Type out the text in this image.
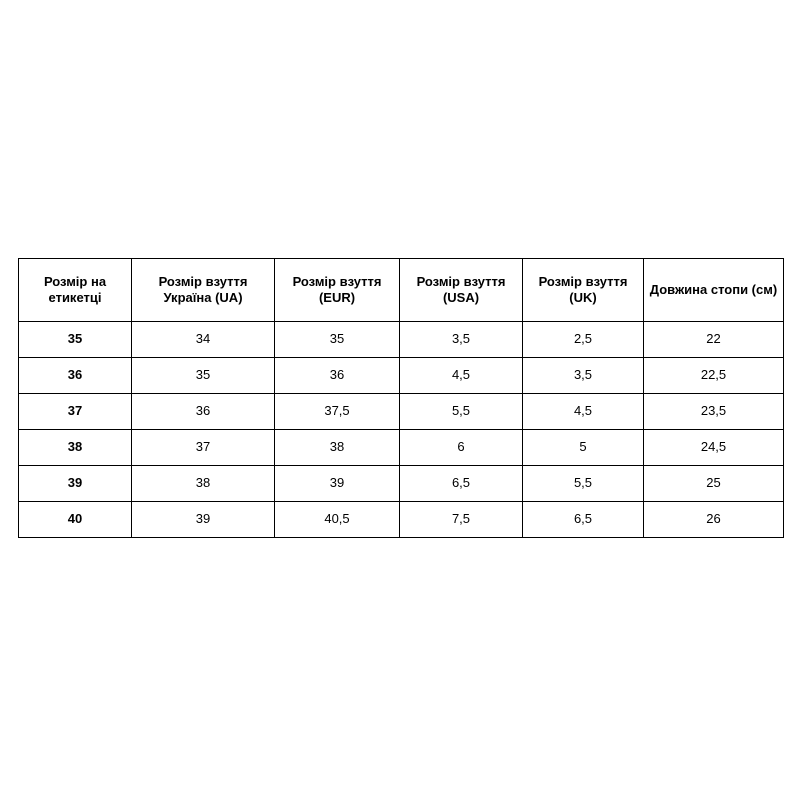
Розмір на етикетці	Розмір взуття Україна (UA)	Розмір взуття (EUR)	Розмір взуття (USA)	Розмір взуття (UK)	Довжина стопи (см)
35	34	35	3,5	2,5	22
36	35	36	4,5	3,5	22,5
37	36	37,5	5,5	4,5	23,5
38	37	38	6	5	24,5
39	38	39	6,5	5,5	25
40	39	40,5	7,5	6,5	26
